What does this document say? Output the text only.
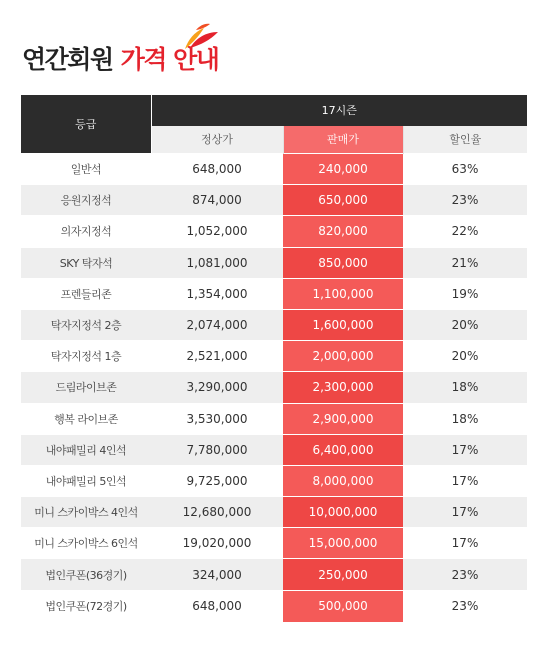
연간회원 가격 안내
등급	17시즌		
	정상가	판매가	할인율
일반석	648,000	240,000	63%
응원지정석	874,000	650,000	23%
의자지정석	1,052,000	820,000	22%
SKY 탁자석	1,081,000	850,000	21%
프렌들리존	1,354,000	1,100,000	19%
탁자지정석 2층	2,074,000	1,600,000	20%
탁자지정석 1층	2,521,000	2,000,000	20%
드림라이브존	3,290,000	2,300,000	18%
행복 라이브존	3,530,000	2,900,000	18%
내야패밀리 4인석	7,780,000	6,400,000	17%
내야패밀리 5인석	9,725,000	8,000,000	17%
미니 스카이박스 4인석	12,680,000	10,000,000	17%
미니 스카이박스 6인석	19,020,000	15,000,000	17%
법인쿠폰(36경기)	324,000	250,000	23%
법인쿠폰(72경기)	648,000	500,000	23%
